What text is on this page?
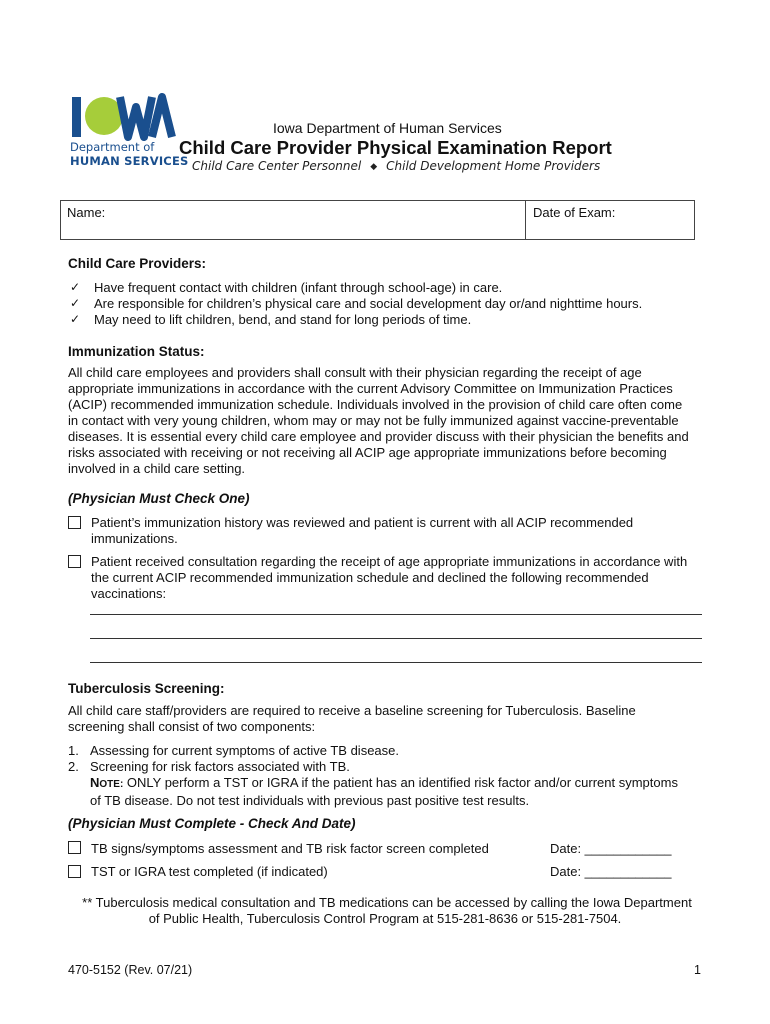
Department of
HUMAN SERVICES
Iowa Department of Human Services
Child Care Provider Physical Examination Report
Child Care Center Personnel ◆ Child Development Home Providers
Name:	Date of Exam:
Child Care Providers:
✓ Have frequent contact with children (infant through school-age) in care.
✓ Are responsible for children’s physical care and social development day or/and nighttime hours.
✓ May need to lift children, bend, and stand for long periods of time.
Immunization Status:
All child care employees and providers shall consult with their physician regarding the receipt of age
appropriate immunizations in accordance with the current Advisory Committee on Immunization Practices
(ACIP) recommended immunization schedule. Individuals involved in the provision of child care often come
in contact with very young children, whom may or may not be fully immunized against vaccine-preventable
diseases. It is essential every child care employee and provider discuss with their physician the benefits and
risks associated with receiving or not receiving all ACIP age appropriate immunizations before becoming
involved in a child care setting.
(Physician Must Check One)
Patient’s immunization history was reviewed and patient is current with all ACIP recommended
immunizations.
Patient received consultation regarding the receipt of age appropriate immunizations in accordance with
the current ACIP recommended immunization schedule and declined the following recommended
vaccinations:
Tuberculosis Screening:
All child care staff/providers are required to receive a baseline screening for Tuberculosis. Baseline
screening shall consist of two components:
1. Assessing for current symptoms of active TB disease.
2. Screening for risk factors associated with TB.
NOTE: ONLY perform a TST or IGRA if the patient has an identified risk factor and/or current symptoms
of TB disease. Do not test individuals with previous past positive test results.
(Physician Must Complete - Check And Date)
TB signs/symptoms assessment and TB risk factor screen completed	Date: ____________
TST or IGRA test completed (if indicated)	Date: ____________
** Tuberculosis medical consultation and TB medications can be accessed by calling the Iowa Department
of Public Health, Tuberculosis Control Program at 515-281-8636 or 515-281-7504.
470-5152 (Rev. 07/21)	1
